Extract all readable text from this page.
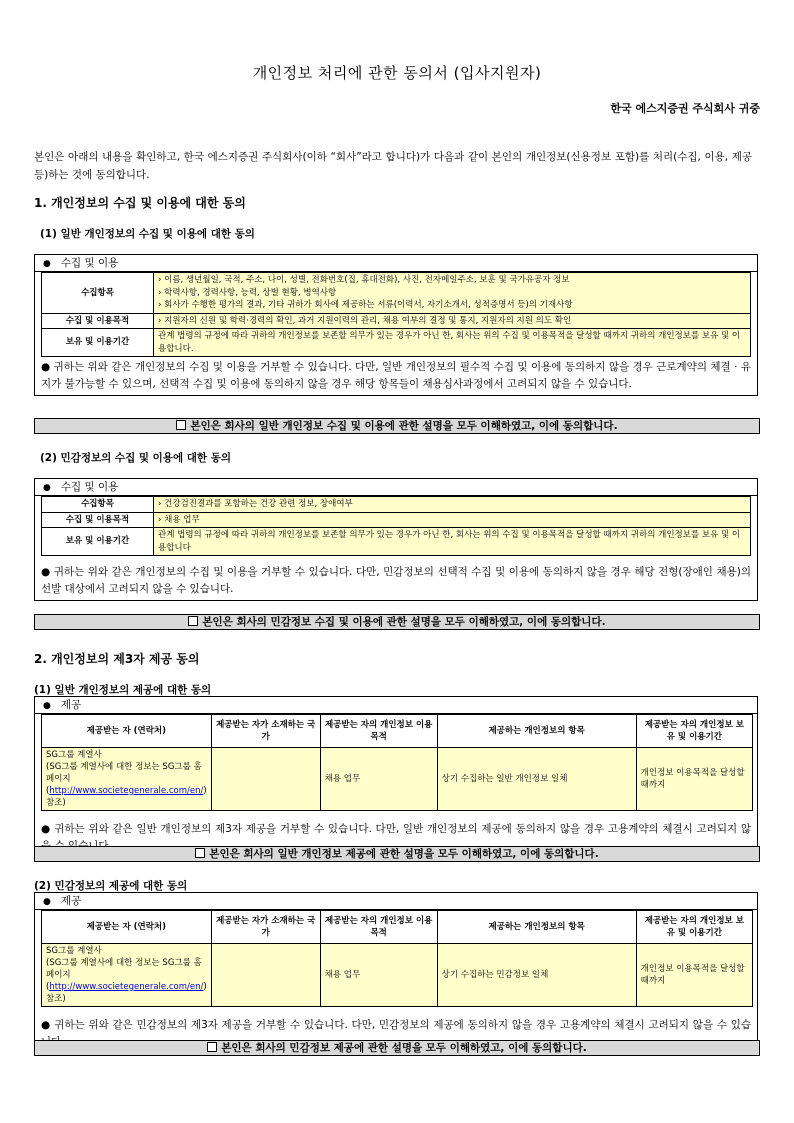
개인정보 처리에 관한 동의서 (입사지원자)

한국 에스지증권 주식회사 귀중

본인은 아래의 내용을 확인하고, 한국 에스지증권 주식회사(이하 “회사”라고 합니다)가 다음과 같이 본인의 개인정보(신용정보 포함)를 처리(수집, 이용, 제공 등)하는 것에 동의합니다.

1. 개인정보의 수집 및 이용에 대한 동의
(1) 일반 개인정보의 수집 및 이용에 대한 동의
● 수집 및 이용
수집항목	› 이름, 생년월일, 국적, 주소, 나이, 성별, 전화번호(집, 휴대전화), 사진, 전자메일주소, 보훈 및 국가유공자 정보
› 학력사항, 경력사항, 능력, 상벌 현황, 병역사항
› 회사가 수행한 평가의 결과, 기타 귀하가 회사에 제공하는 서류(이력서, 자기소개서, 성적증명서 등)의 기재사항

수집 및 이용목적	› 지원자의 신원 및 학력·경력의 확인, 과거 지원이력의 관리, 채용 여부의 결정 및 통지, 지원자의 지원 의도 확인
보유 및 이용기간	관계 법령의 규정에 따라 귀하의 개인정보를 보존할 의무가 있는 경우가 아닌 한, 회사는 위의 수집 및 이용목적을 달성할 때까지 귀하의 개인정보를 보유 및 이용합니다.
● 귀하는 위와 같은 개인정보의 수집 및 이용을 거부할 수 있습니다. 다만, 일반 개인정보의 필수적 수집 및 이용에 동의하지 않을 경우 근로계약의 체결 · 유지가 불가능할 수 있으며, 선택적 수집 및 이용에 동의하지 않을 경우 해당 항목들이 채용심사과정에서 고려되지 않을 수 있습니다.
본인은 회사의 일반 개인정보 수집 및 이용에 관한 설명을 모두 이해하였고, 이에 동의합니다.
(2) 민감정보의 수집 및 이용에 대한 동의
● 수집 및 이용
수집항목	› 건강검진결과를 포함하는 건강 관련 정보, 장애여부
수집 및 이용목적	› 채용 업무
보유 및 이용기간	관계 법령의 규정에 따라 귀하의 개인정보를 보존할 의무가 있는 경우가 아닌 한, 회사는 위의 수집 및 이용목적을 달성할 때까지 귀하의 개인정보를 보유 및 이용합니다
● 귀하는 위와 같은 개인정보의 수집 및 이용을 거부할 수 있습니다. 다만, 민감정보의 선택적 수집 및 이용에 동의하지 않을 경우 해당 전형(장애인 채용)의 선발 대상에서 고려되지 않을 수 있습니다.
본인은 회사의 민감정보 수집 및 이용에 관한 설명을 모두 이해하였고, 이에 동의합니다.
2. 개인정보의 제3자 제공 동의
(1) 일반 개인정보의 제공에 대한 동의
● 제공
제공받는 자 (연락처)	제공받는 자가 소재하는 국가	제공받는 자의 개인정보 이용목적	제공하는 개인정보의 항목	제공받는 자의 개인정보 보유 및 이용기간

SG그룹 계열사
(SG그룹 계열사에 대한 정보는 SG그룹 홈페이지
(http://www.societegenerale.com/en/) 참조)		채용 업무	상기 수집하는 일반 개인정보 일체	개인정보 이용목적을 달성할 때까지
● 귀하는 위와 같은 일반 개인정보의 제3자 제공을 거부할 수 있습니다. 다만, 일반 개인정보의 제공에 동의하지 않을 경우 고용계약의 체결시 고려되지 않
본인은 회사의 일반 개인정보 제공에 관한 설명을 모두 이해하였고, 이에 동의합니다.
(2) 민감정보의 제공에 대한 동의
● 제공
제공받는 자 (연락처)	제공받는 자가 소재하는 국가	제공받는 자의 개인정보 이용목적	제공하는 개인정보의 항목	제공받는 자의 개인정보 보유 및 이용기간

SG그룹 계열사
(SG그룹 계열사에 대한 정보는 SG그룹 홈페이지
(http://www.societegenerale.com/en/) 참조)		채용 업무	상기 수집하는 민감정보 일체	개인정보 이용목적을 달성할 때까지
● 귀하는 위와 같은 민감정보의 제3자 제공을 거부할 수 있습니다. 다만, 민감정보의 제공에 동의하지 않을 경우 고용계약의 체결시 고려되지 않을 수 있습
본인은 회사의 민감정보 제공에 관한 설명을 모두 이해하였고, 이에 동의합니다.
